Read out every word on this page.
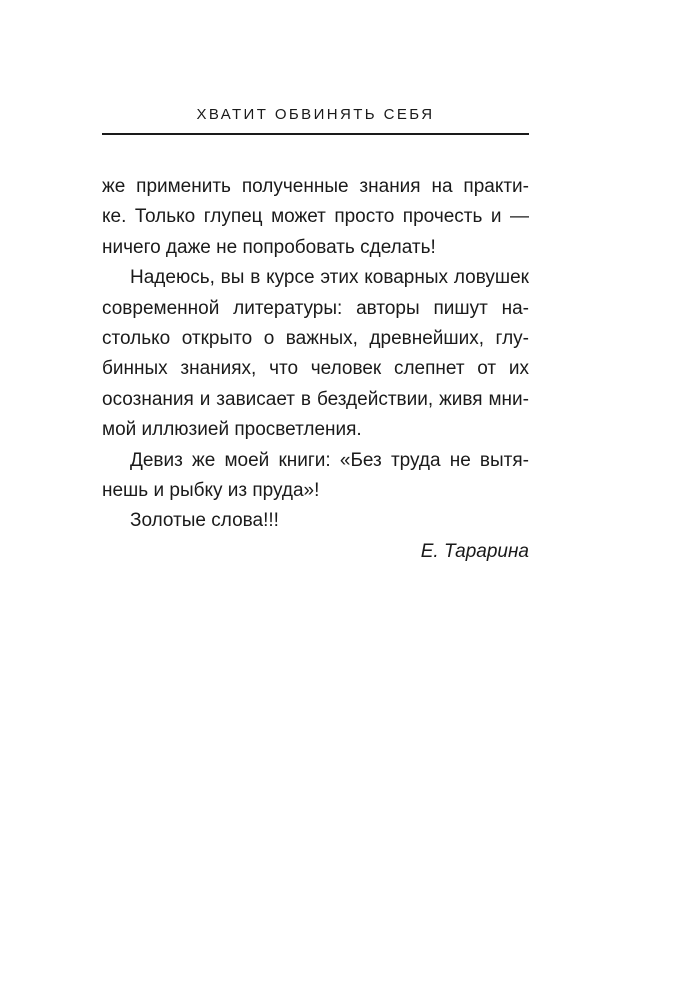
ХВАТИТ ОБВИНЯТЬ СЕБЯ
же применить полученные знания на практи-
ке. Только глупец может просто прочесть и —
ничего даже не попробовать сделать!
Надеюсь, вы в курсе этих коварных ловушек
современной литературы: авторы пишут на-
столько открыто о важных, древнейших, глу-
бинных знаниях, что человек слепнет от их
осознания и зависает в бездействии, живя мни-
мой иллюзией просветления.
Девиз же моей книги: «Без труда не вытя-
нешь и рыбку из пруда»!
Золотые слова!!!
Е. Тарарина
